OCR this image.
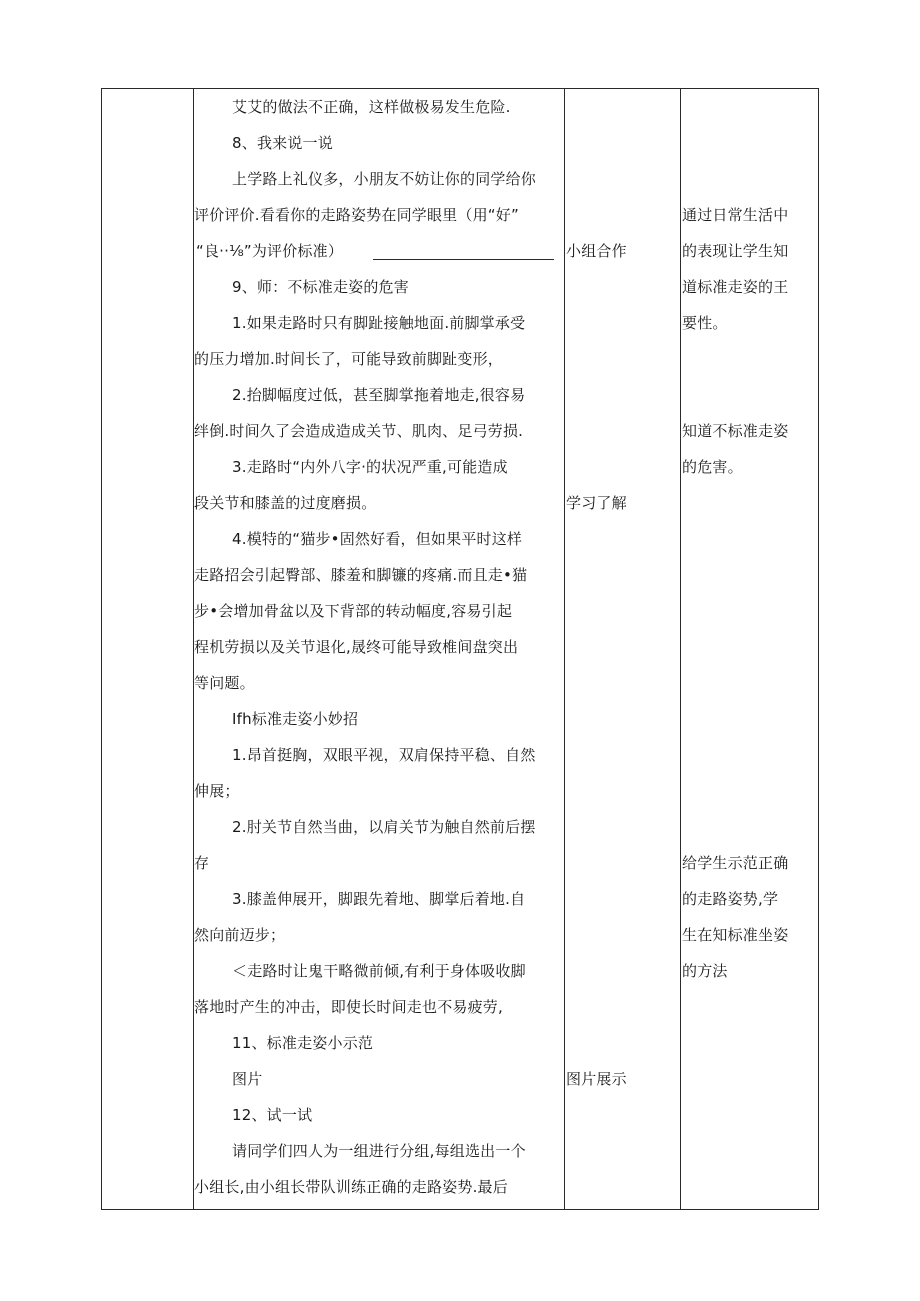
艾艾的做法不正确，这样做极易发生危险.
8、我来说一说
上学路上礼仪多，小朋友不妨让你的同学给你
评价评价.看看你的走路姿势在同学眼里（用“好”
“良··⅛”为评价标准）
9、师：不标准走姿的危害
1.如果走路时只有脚趾接触地面.前脚掌承受
的压力增加.时间长了，可能导致前脚趾变形，
2.抬脚幅度过低，甚至脚掌拖着地走,很容易
绊倒.时间久了会造成造成关节、肌肉、足弓劳损.
3.走路时“内外八字·的状况严重,可能造成
段关节和膝盖的过度磨损。
4.模特的“猫步•固然好看，但如果平时这样
走路招会引起臀部、膝羞和脚镰的疼痛.而且走•猫
步•会增加骨盆以及下背部的转动幅度,容易引起
程机劳损以及关节退化,晟终可能导致椎间盘突出
等问题。
Ifh标准走姿小妙招
1.昂首挺胸，双眼平视，双肩保持平稳、自然
伸展；
2.肘关节自然当曲，以肩关节为触自然前后摆
存
3.膝盖伸展开，脚跟先着地、脚掌后着地.自
然向前迈步；
＜走路时让鬼干略微前倾,有利于身体吸收脚
落地时产生的冲击，即使长时间走也不易疲劳,
11、标准走姿小示范
图片
12、试一试
请同学们四人为一组进行分组,每组选出一个
小组长,由小组长带队训练正确的走路姿势.最后
小组合作
学习了解
图片展示
通过日常生活中
的表现让学生知
道标准走姿的王
要性。
知道不标准走姿
的危害。
给学生示范正确
的走路姿势,学
生在知标准坐姿
的方法
